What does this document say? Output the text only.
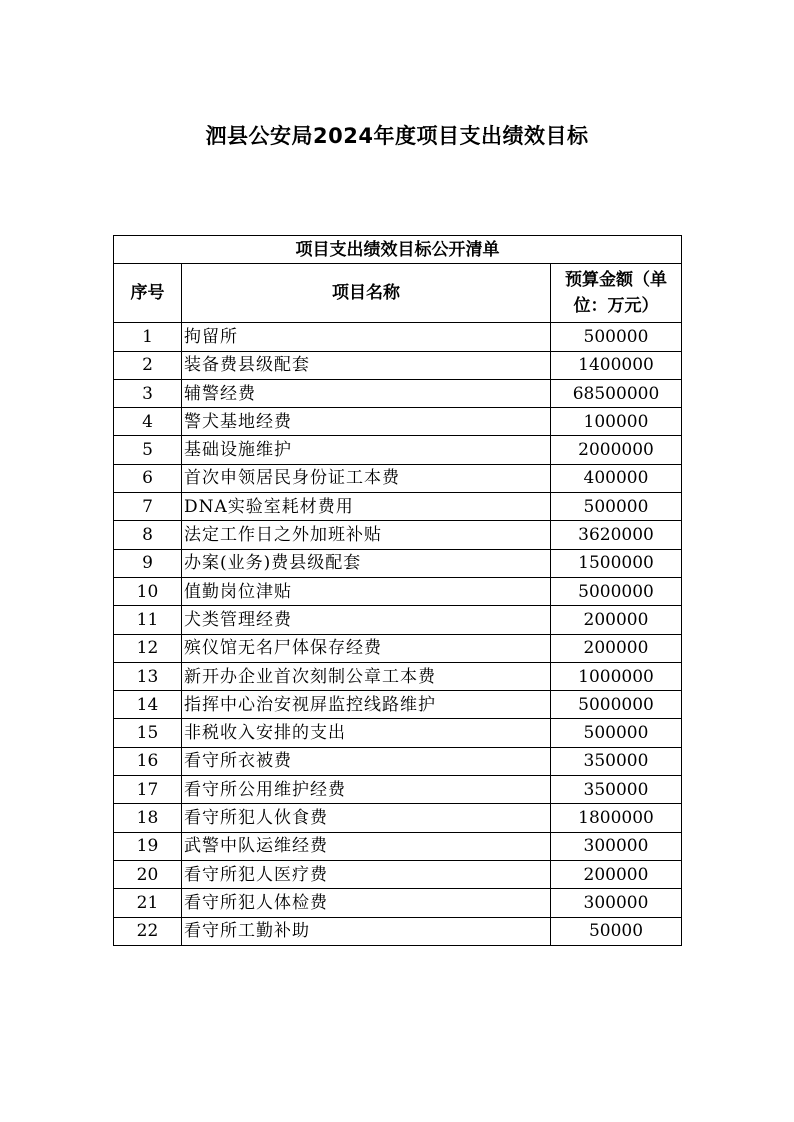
泗县公安局2024年度项目支出绩效目标
项目支出绩效目标公开清单		
序号	项目名称	预算金额（单位：万元）
1	拘留所	500000
2	装备费县级配套	1400000
3	辅警经费	68500000
4	警犬基地经费	100000
5	基础设施维护	2000000
6	首次申领居民身份证工本费	400000
7	DNA实验室耗材费用	500000
8	法定工作日之外加班补贴	3620000
9	办案(业务)费县级配套	1500000
10	值勤岗位津贴	5000000
11	犬类管理经费	200000
12	殡仪馆无名尸体保存经费	200000
13	新开办企业首次刻制公章工本费	1000000
14	指挥中心治安视屏监控线路维护	5000000
15	非税收入安排的支出	500000
16	看守所衣被费	350000
17	看守所公用维护经费	350000
18	看守所犯人伙食费	1800000
19	武警中队运维经费	300000
20	看守所犯人医疗费	200000
21	看守所犯人体检费	300000
22	看守所工勤补助	50000
